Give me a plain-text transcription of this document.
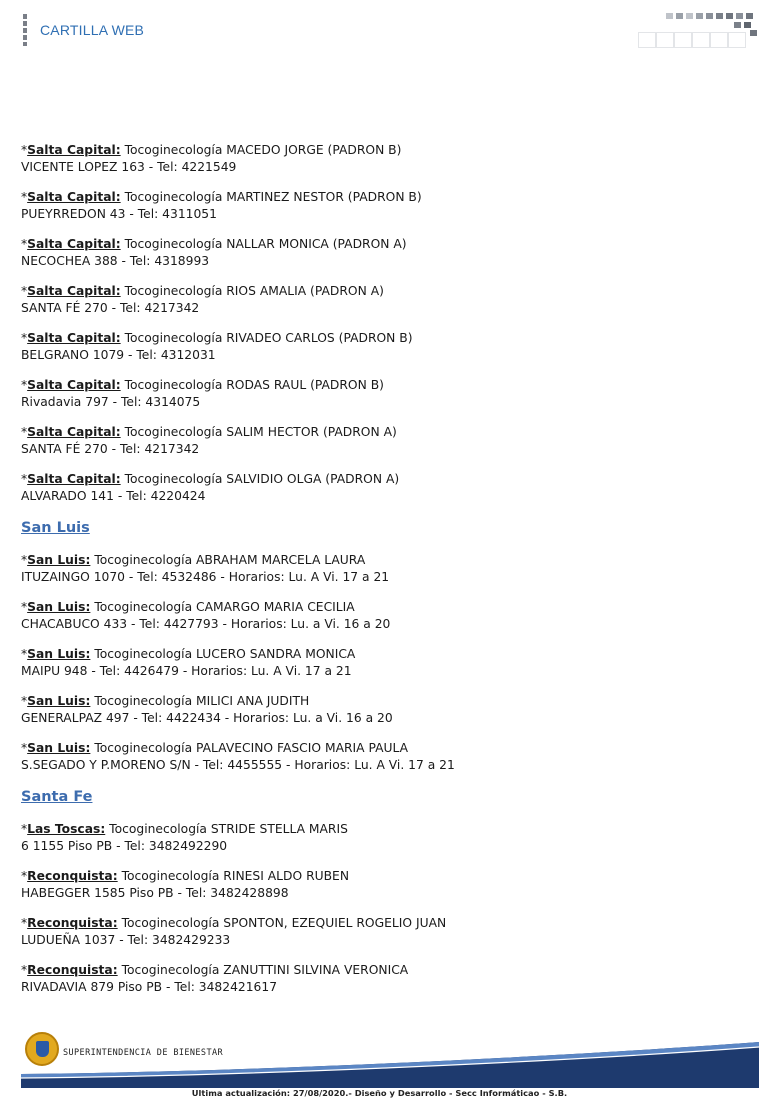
CARTILLA WEB
*Salta Capital: Tocoginecología MACEDO JORGE (PADRON B)
VICENTE LOPEZ 163 - Tel: 4221549
*Salta Capital: Tocoginecología MARTINEZ NESTOR (PADRON B)
PUEYRREDON 43 - Tel: 4311051
*Salta Capital: Tocoginecología NALLAR MONICA (PADRON A)
NECOCHEA 388 - Tel: 4318993
*Salta Capital: Tocoginecología RIOS AMALIA (PADRON A)
SANTA FÉ 270 - Tel: 4217342
*Salta Capital: Tocoginecología RIVADEO CARLOS (PADRON B)
BELGRANO 1079 - Tel: 4312031
*Salta Capital: Tocoginecología RODAS RAUL (PADRON B)
Rivadavia 797 - Tel: 4314075
*Salta Capital: Tocoginecología SALIM HECTOR (PADRON A)
SANTA FÉ 270 - Tel: 4217342
*Salta Capital: Tocoginecología SALVIDIO OLGA (PADRON A)
ALVARADO 141 - Tel: 4220424
San Luis
*San Luis: Tocoginecología ABRAHAM MARCELA LAURA
ITUZAINGO 1070 - Tel: 4532486 - Horarios: Lu. A Vi. 17 a 21
*San Luis: Tocoginecología CAMARGO MARIA CECILIA
CHACABUCO 433 - Tel: 4427793 - Horarios: Lu. a Vi. 16 a 20
*San Luis: Tocoginecología LUCERO SANDRA MONICA
MAIPU 948 - Tel: 4426479 - Horarios: Lu. A Vi. 17 a 21
*San Luis: Tocoginecología MILICI ANA JUDITH
GENERALPAZ 497 - Tel: 4422434 - Horarios: Lu. a Vi. 16 a 20
*San Luis: Tocoginecología PALAVECINO FASCIO MARIA PAULA
S.SEGADO Y P.MORENO S/N - Tel: 4455555 - Horarios: Lu. A Vi. 17 a 21
Santa Fe
*Las Toscas: Tocoginecología STRIDE STELLA MARIS
6 1155 Piso PB - Tel: 3482492290
*Reconquista: Tocoginecología RINESI ALDO RUBEN
HABEGGER 1585 Piso PB - Tel: 3482428898
*Reconquista: Tocoginecología SPONTON, EZEQUIEL ROGELIO JUAN
LUDUEÑA 1037 - Tel: 3482429233
*Reconquista: Tocoginecología ZANUTTINI SILVINA VERONICA
RIVADAVIA 879 Piso PB - Tel: 3482421617
SUPERINTENDENCIA DE BIENESTAR
Ultima actualización: 27/08/2020.- Diseño y Desarrollo - Secc Informáticao - S.B.
